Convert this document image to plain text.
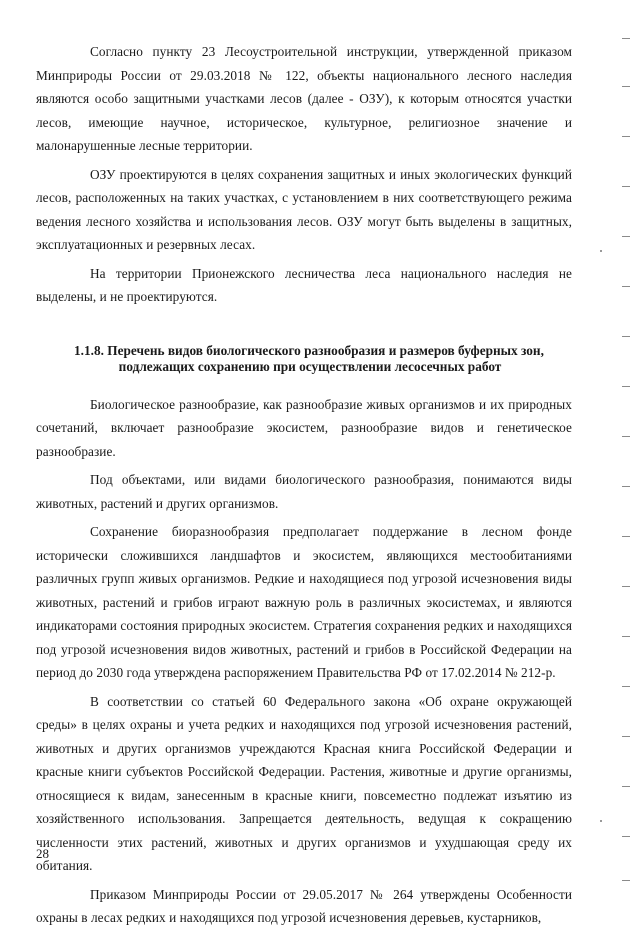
Согласно пункту 23 Лесоустроительной инструкции, утвержденной приказом Минприроды России от 29.03.2018 № 122, объекты национального лесного наследия являются особо защитными участками лесов (далее - ОЗУ), к которым относятся участки лесов, имеющие научное, историческое, культурное, религиозное значение и малонарушенные лесные территории.

ОЗУ проектируются в целях сохранения защитных и иных экологических функций лесов, расположенных на таких участках, с установлением в них соответствующего режима ведения лесного хозяйства и использования лесов. ОЗУ могут быть выделены в защитных, эксплуатационных и резервных лесах.

На территории Прионежского лесничества леса национального наследия не выделены, и не проектируются.

1.1.8. Перечень видов биологического разнообразия и размеров буферных зон,
подлежащих сохранению при осуществлении лесосечных работ

Биологическое разнообразие, как разнообразие живых организмов и их природных сочетаний, включает разнообразие экосистем, разнообразие видов и генетическое разнообразие.

Под объектами, или видами биологического разнообразия, понимаются виды животных, растений и других организмов.

Сохранение биоразнообразия предполагает поддержание в лесном фонде исторически сложившихся ландшафтов и экосистем, являющихся местообитаниями различных групп живых организмов. Редкие и находящиеся под угрозой исчезновения виды животных, растений и грибов играют важную роль в различных экосистемах, и являются индикаторами состояния природных экосистем. Стратегия сохранения редких и находящихся под угрозой исчезновения видов животных, растений и грибов в Российской Федерации на период до 2030 года утверждена распоряжением Правительства РФ от 17.02.2014 № 212-р.

В соответствии со статьей 60 Федерального закона «Об охране окружающей среды» в целях охраны и учета редких и находящихся под угрозой исчезновения растений, животных и других организмов учреждаются Красная книга Российской Федерации и красные книги субъектов Российской Федерации. Растения, животные и другие организмы, относящиеся к видам, занесенным в красные книги, повсеместно подлежат изъятию из хозяйственного использования. Запрещается деятельность, ведущая к сокращению численности этих растений, животных и других организмов и ухудшающая среду их обитания.

Приказом Минприроды России от 29.05.2017 № 264 утверждены Особенности охраны в лесах редких и находящихся под угрозой исчезновения деревьев, кустарников,

28
